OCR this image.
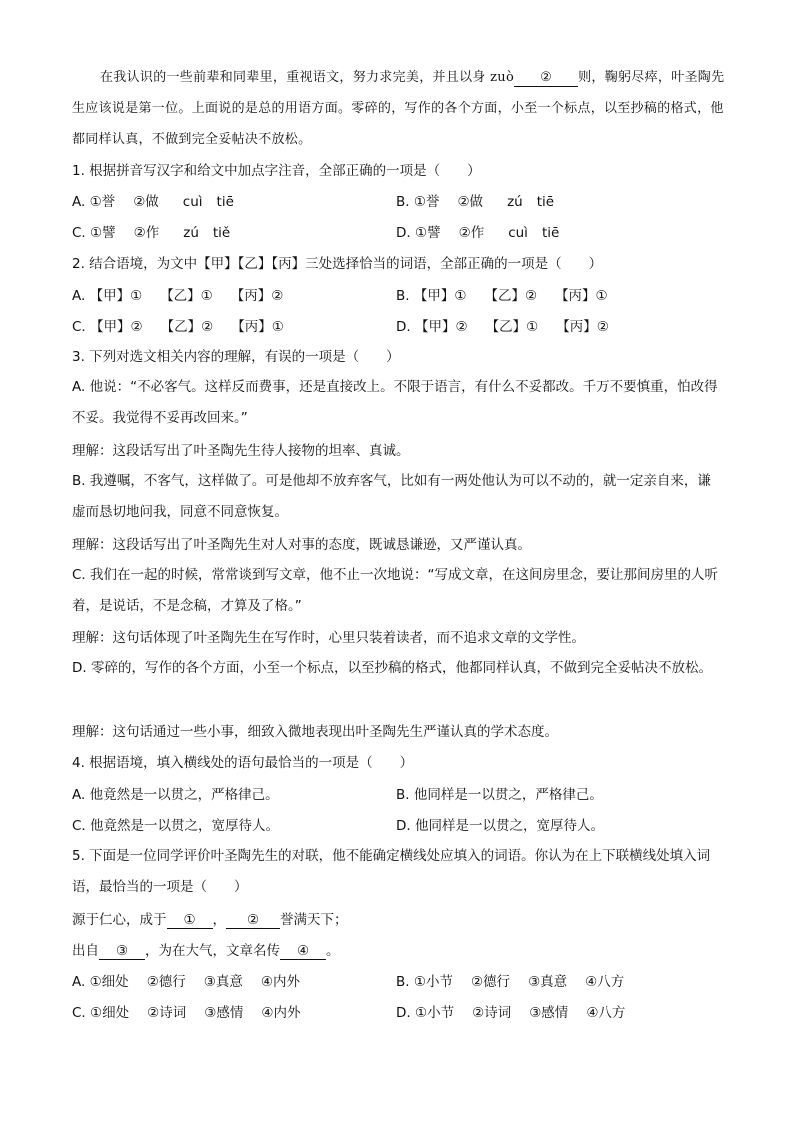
在我认识的一些前辈和同辈里，重视语文，努力求完美，并且以身 zuò ② 则，鞠躬尽瘁，叶圣陶先生应该说是第一位。上面说的是总的用语方面。零碎的，写作的各个方面，小至一个标点，以至抄稿的格式，他都同样认真，不做到完全妥帖决不放松。

1. 根据拼音写汉字和给文中加点字注音，全部正确的一项是（　　）
A. ①誉 ②做 cuì tiē	B. ①誉 ②做 zú tiē
C. ①譬 ②作 zú tiě	D. ①譬 ②作 cuì tiē
2. 结合语境，为文中【甲】【乙】【丙】三处选择恰当的词语，全部正确的一项是（　　）
A. 【甲】① 【乙】① 【丙】②	B. 【甲】① 【乙】② 【丙】①
C. 【甲】② 【乙】② 【丙】①	D. 【甲】② 【乙】① 【丙】②
3. 下列对选文相关内容的理解，有误的一项是（　　）

A. 他说：“不必客气。这样反而费事，还是直接改上。不限于语言，有什么不妥都改。千万不要慎重，怕改得不妥。我觉得不妥再改回来。”

理解：这段话写出了叶圣陶先生待人接物的坦率、真诚。

B. 我遵嘱，不客气，这样做了。可是他却不放弃客气，比如有一两处他认为可以不动的，就一定亲自来，谦虚而恳切地问我，同意不同意恢复。

理解：这段话写出了叶圣陶先生对人对事的态度，既诚恳谦逊，又严谨认真。

C. 我们在一起的时候，常常谈到写文章，他不止一次地说：“写成文章，在这间房里念，要让那间房里的人听着，是说话，不是念稿，才算及了格。”

理解：这句话体现了叶圣陶先生在写作时，心里只装着读者，而不追求文章的文学性。

D. 零碎的，写作的各个方面，小至一个标点，以至抄稿的格式，他都同样认真，不做到完全妥帖决不放松。

理解：这句话通过一些小事，细致入微地表现出叶圣陶先生严谨认真的学术态度。
4. 根据语境，填入横线处的语句最恰当的一项是（　　）
A. 他竟然是一以贯之，严格律己。	B. 他同样是一以贯之，严格律己。
C. 他竟然是一以贯之，宽厚待人。	D. 他同样是一以贯之，宽厚待人。

5. 下面是一位同学评价叶圣陶先生的对联，他不能确定横线处应填入的词语。你认为在上下联横线处填入词语，最恰当的一项是（　　）

源于仁心，成于 ① ， ② 誉满天下；
出自 ③ ，为在大气，文章名传 ④ 。
A. ①细处 ②德行 ③真意 ④内外	B. ①小节 ②德行 ③真意 ④八方
C. ①细处 ②诗词 ③感情 ④内外	D. ①小节 ②诗词 ③感情 ④八方
